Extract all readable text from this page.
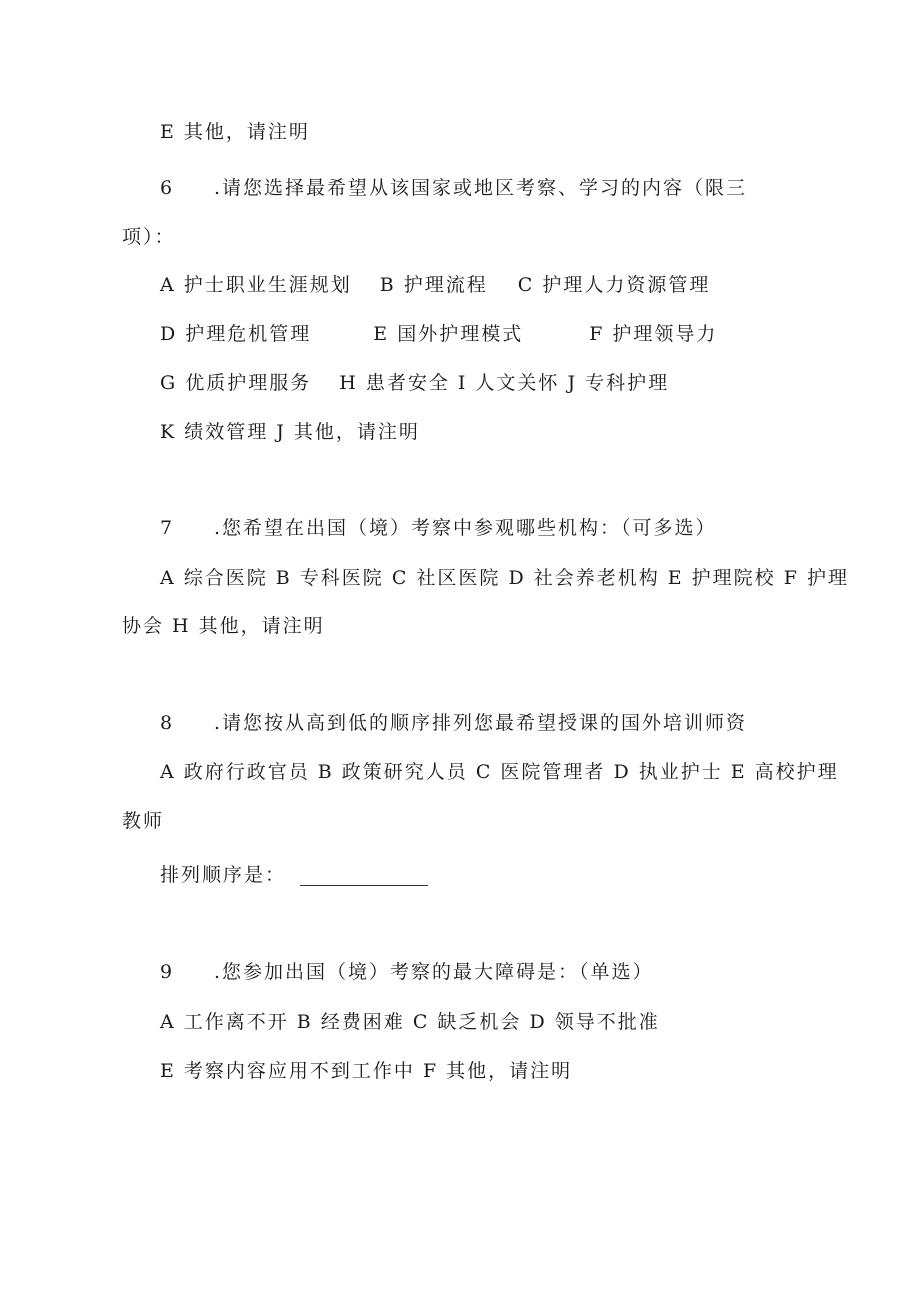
E 其他，请注明
6 .请您选择最希望从该国家或地区考察、学习的内容（限三
项）：
A 护士职业生涯规划 B 护理流程 C 护理人力资源管理
D 护理危机管理	E 国外护理模式	F 护理领导力
G 优质护理服务 H 患者安全 I 人文关怀 J 专科护理
K 绩效管理 J 其他，请注明
7 .您希望在出国（境）考察中参观哪些机构：（可多选）
A 综合医院 B 专科医院 C 社区医院 D 社会养老机构 E 护理院校 F 护理
协会 H 其他，请注明
8 .请您按从高到低的顺序排列您最希望授课的国外培训师资
A 政府行政官员 B 政策研究人员 C 医院管理者 D 执业护士 E 高校护理
教师
排列顺序是：
9 .您参加出国（境）考察的最大障碍是：（单选）
A 工作离不开 B 经费困难 C 缺乏机会 D 领导不批准
E 考察内容应用不到工作中 F 其他，请注明
